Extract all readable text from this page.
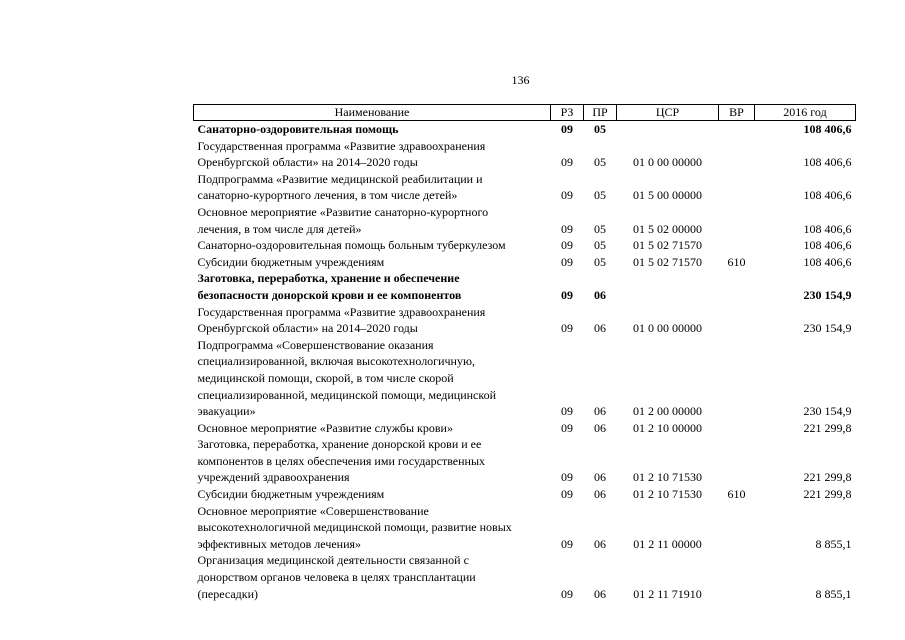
136
Наименование	РЗ	ПР	ЦСР	ВР	2016 год

Санаторно-оздоровительная помощь	09	05			108 406,6

Государственная программа «Развитие здравоохранения
Оренбургской области» на 2014–2020 годы	09	05	01 0 00 00000		108 406,6

Подпрограмма «Развитие медицинской реабилитации и
санаторно-курортного лечения, в том числе детей»	09	05	01 5 00 00000		108 406,6

Основное мероприятие «Развитие санаторно-курортного
лечения, в том числе для детей»	09	05	01 5 02 00000		108 406,6

Санаторно-оздоровительная помощь больным туберкулезом	09	05	01 5 02 71570		108 406,6

Субсидии бюджетным учреждениям	09	05	01 5 02 71570	610	108 406,6

Заготовка, переработка, хранение и обеспечение
безопасности донорской крови и ее компонентов	09	06			230 154,9

Государственная программа «Развитие здравоохранения
Оренбургской области» на 2014–2020 годы	09	06	01 0 00 00000		230 154,9

Подпрограмма «Совершенствование оказания
специализированной, включая высокотехнологичную,
медицинской помощи, скорой, в том числе скорой
специализированной, медицинской помощи, медицинской
эвакуации»	09	06	01 2 00 00000		230 154,9

Основное мероприятие «Развитие службы крови»	09	06	01 2 10 00000		221 299,8

Заготовка, переработка, хранение донорской крови и ее
компонентов в целях обеспечения ими государственных
учреждений здравоохранения	09	06	01 2 10 71530		221 299,8

Субсидии бюджетным учреждениям	09	06	01 2 10 71530	610	221 299,8

Основное мероприятие «Совершенствование
высокотехнологичной медицинской помощи, развитие новых
эффективных методов лечения»	09	06	01 2 11 00000		8 855,1

Организация медицинской деятельности связанной с
донорством органов человека в целях трансплантации
(пересадки)	09	06	01 2 11 71910		8 855,1
